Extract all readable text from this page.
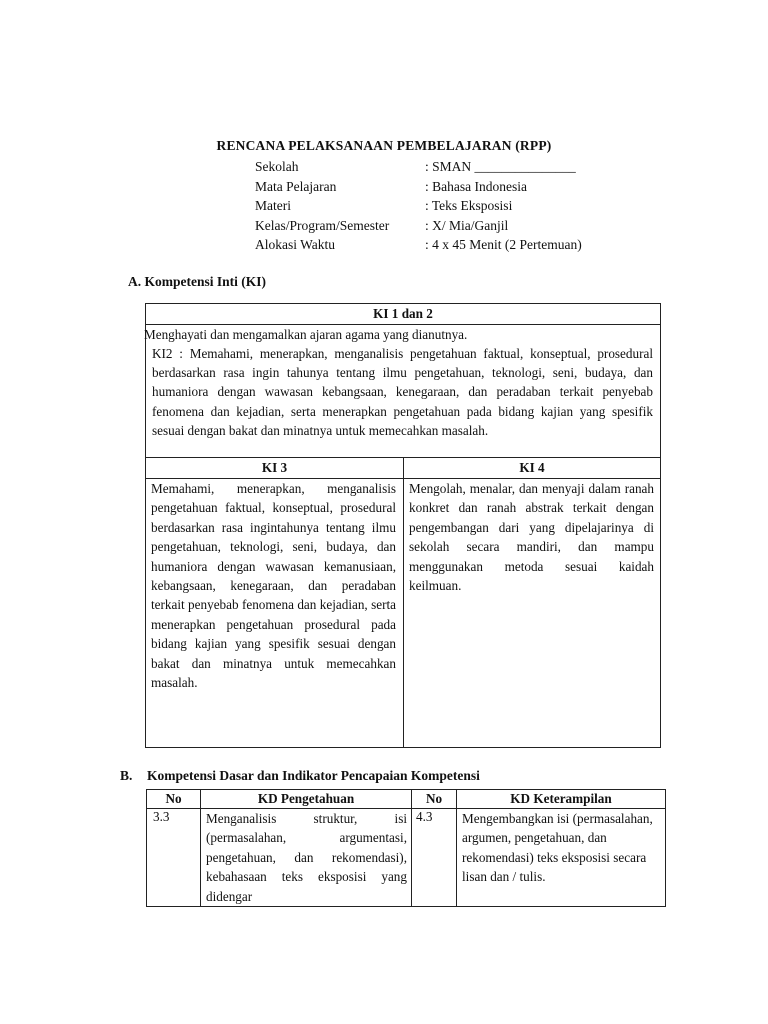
RENCANA PELAKSANAAN PEMBELAJARAN (RPP)
Sekolah	: SMAN _______________
Mata Pelajaran	: Bahasa Indonesia
Materi	: Teks Eksposisi
Kelas/Program/Semester	: X/ Mia/Ganjil
Alokasi Waktu	: 4 x 45 Menit (2 Pertemuan)
A. Kompetensi Inti (KI)
KI 1 dan 2	

Menghayati dan mengamalkan ajaran agama yang dianutnya.
KI2 : Memahami, menerapkan, menganalisis pengetahuan faktual, konseptual, prosedural berdasarkan rasa ingin tahunya tentang ilmu pengetahuan, teknologi, seni, budaya, dan humaniora dengan wawasan kebangsaan, kenegaraan, dan peradaban terkait penyebab fenomena dan kejadian, serta menerapkan pengetahuan pada bidang kajian yang spesifik sesuai dengan bakat dan minatnya untuk memecahkan masalah.	

KI 3	KI 4

Memahami, menerapkan, menganalisis pengetahuan faktual, konseptual, prosedural berdasarkan rasa ingintahunya tentang ilmu pengetahuan, teknologi, seni, budaya, dan humaniora dengan wawasan kemanusiaan, kebangsaan, kenegaraan, dan peradaban terkait penyebab fenomena dan kejadian, serta menerapkan pengetahuan prosedural pada bidang kajian yang spesifik sesuai dengan bakat dan minatnya untuk memecahkan masalah.	Mengolah, menalar, dan menyaji dalam ranah konkret dan ranah abstrak terkait dengan pengembangan dari yang dipelajarinya di sekolah secara mandiri, dan mampu menggunakan metoda sesuai kaidah keilmuan.
B. Kompetensi Dasar dan Indikator Pencapaian Kompetensi
No	KD Pengetahuan	No	KD Keterampilan
3.3	Menganalisis struktur, isi (permasalahan, argumentasi, pengetahuan, dan rekomendasi), kebahasaan teks eksposisi yang didengar	4.3	Mengembangkan isi (permasalahan, argumen, pengetahuan, dan rekomendasi) teks eksposisi secara lisan dan / tulis.
